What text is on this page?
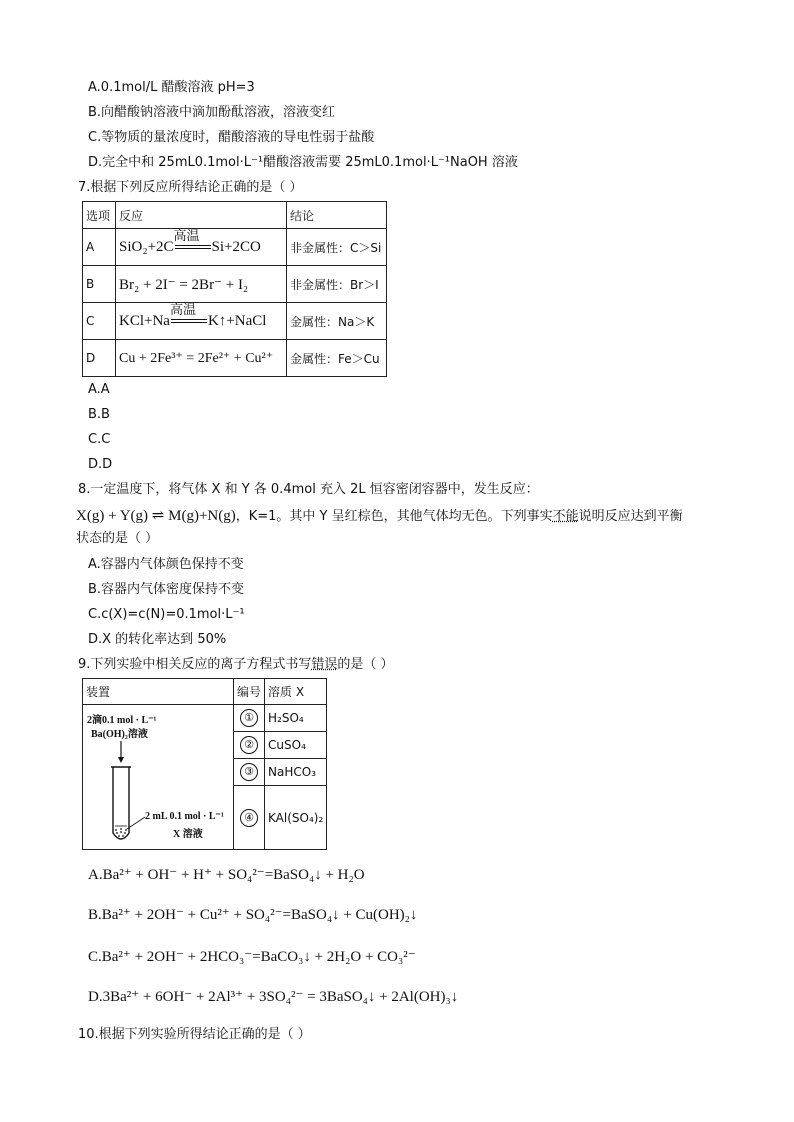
A.0.1mol/L 醋酸溶液 pH=3
B.向醋酸钠溶液中滴加酚酞溶液，溶液变红
C.等物质的量浓度时，醋酸溶液的导电性弱于盐酸
D.完全中和 25mL0.1mol·L⁻¹醋酸溶液需要 25mL0.1mol·L⁻¹NaOH 溶液
7.根据下列反应所得结论正确的是（ ）
选项	反应	结论
A	SiO₂+2C
高温
Si+2CO	非金属性：C＞Si
B	Br₂ + 2I⁻ = 2Br⁻ + I₂	非金属性：Br＞I
C	KCl+Na
高温
K↑+NaCl	金属性：Na＞K
D	Cu + 2Fe³⁺ = 2Fe²⁺ + Cu²⁺	金属性：Fe＞Cu
A.A
B.B
C.C
D.D
8.一定温度下，将气体 X 和 Y 各 0.4mol 充入 2L 恒容密闭容器中，发生反应：
X(g) + Y(g) ⇌ M(g)+N(g)，K=1。其中 Y 呈红棕色，其他气体均无色。下列事实不能说明反应达到平衡
状态的是（ ）
A.容器内气体颜色保持不变
B.容器内气体密度保持不变
C.c(X)=c(N)=0.1mol·L⁻¹
D.X 的转化率达到 50%
9.下列实验中相关反应的离子方程式书写错误的是（ ）
装置	编号	溶质 X

2滴0.1 mol · L⁻¹
Ba(OH)₂溶液
2 mL 0.1 mol · L⁻¹
X 溶液	①	H₂SO₄
	②	CuSO₄
	③	NaHCO₃
	④	KAl(SO₄)₂
A.Ba²⁺ + OH⁻ + H⁺ + SO₄²⁻=BaSO₄↓ + H₂O
B.Ba²⁺ + 2OH⁻ + Cu²⁺ + SO₄²⁻=BaSO₄↓ + Cu(OH)₂↓
C.Ba²⁺ + 2OH⁻ + 2HCO₃⁻=BaCO₃↓ + 2H₂O + CO₃²⁻
D.3Ba²⁺ + 6OH⁻ + 2Al³⁺ + 3SO₄²⁻ = 3BaSO₄↓ + 2Al(OH)₃↓
10.根据下列实验所得结论正确的是（ ）
